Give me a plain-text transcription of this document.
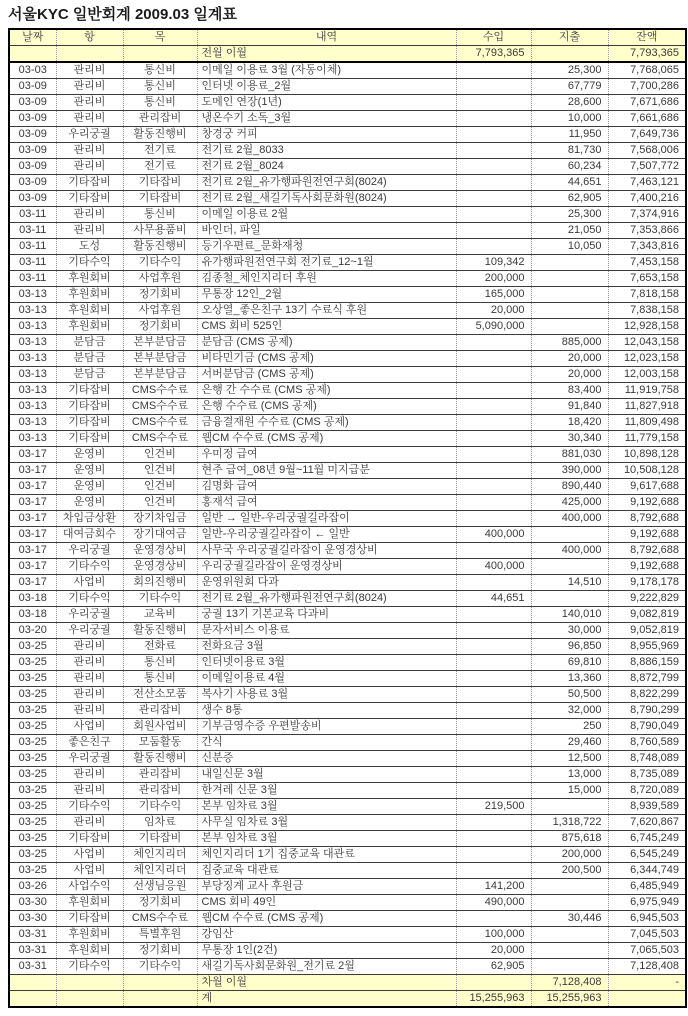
서울KYC 일반회계 2009.03 일계표
날짜	항	목	내역	수입	지출	잔액
			전월 이월	7,793,365		7,793,365
03-03	관리비	통신비	이메일 이용료 3월 (자동이체)		25,300	7,768,065
03-09	관리비	통신비	인터넷 이용료_2월		67,779	7,700,286
03-09	관리비	통신비	도메인 연장(1년)		28,600	7,671,686
03-09	관리비	관리잡비	냉온수기 소독_3월		10,000	7,661,686
03-09	우리궁궐	활동진행비	창경궁 커피		11,950	7,649,736
03-09	관리비	전기료	전기료 2월_8033		81,730	7,568,006
03-09	관리비	전기료	전기료 2월_8024		60,234	7,507,772
03-09	기타잡비	기타잡비	전기료 2월_유가행파원전연구회(8024)		44,651	7,463,121
03-09	기타잡비	기타잡비	전기료 2월_새길기독사회문화원(8024)		62,905	7,400,216
03-11	관리비	통신비	이메일 이용료 2월		25,300	7,374,916
03-11	관리비	사무용품비	바인더, 파일		21,050	7,353,866
03-11	도성	활동진행비	등기우편료_문화재청		10,050	7,343,816
03-11	기타수익	기타수익	유가행파원전연구회 전기료_12~1월	109,342		7,453,158
03-11	후원회비	사업후원	김종철_체인지리더 후원	200,000		7,653,158
03-13	후원회비	정기회비	무통장 12인_2월	165,000		7,818,158
03-13	후원회비	사업후원	오상열_좋은친구 13기 수료식 후원	20,000		7,838,158
03-13	후원회비	정기회비	CMS 회비 525인	5,090,000		12,928,158
03-13	분담금	본부분담금	분담금 (CMS 공제)		885,000	12,043,158
03-13	분담금	본부분담금	비타민기금 (CMS 공제)		20,000	12,023,158
03-13	분담금	본부분담금	서버분담금 (CMS 공제)		20,000	12,003,158
03-13	기타잡비	CMS수수료	은행 간 수수료 (CMS 공제)		83,400	11,919,758
03-13	기타잡비	CMS수수료	은행 수수료 (CMS 공제)		91,840	11,827,918
03-13	기타잡비	CMS수수료	금융결재원 수수료 (CMS 공제)		18,420	11,809,498
03-13	기타잡비	CMS수수료	웹CM 수수료 (CMS 공제)		30,340	11,779,158
03-17	운영비	인건비	우미정 급여		881,030	10,898,128
03-17	운영비	인건비	현주 급여_08년 9월~11월 미지급분		390,000	10,508,128
03-17	운영비	인건비	김명화 급여		890,440	9,617,688
03-17	운영비	인건비	홍재석 급여		425,000	9,192,688
03-17	차입금상환	장기차입금	일반 → 일반-우리궁궐길라잡이		400,000	8,792,688
03-17	대여금회수	장기대여금	일반-우리궁궐길라잡이 ← 일반	400,000		9,192,688
03-17	우리궁궐	운영경상비	사무국 우리궁궐길라잡이 운영경상비		400,000	8,792,688
03-17	기타수익	운영경상비	우리궁궐길라잡이 운영경상비	400,000		9,192,688
03-17	사업비	회의진행비	운영위원회 다과		14,510	9,178,178
03-18	기타수익	기타수익	전기료 2월_유가행파원전연구회(8024)	44,651		9,222,829
03-18	우리궁궐	교육비	궁궐 13기 기본교육 다과비		140,010	9,082,819
03-20	우리궁궐	활동진행비	문자서비스 이용료		30,000	9,052,819
03-25	관리비	전화료	전화요금 3월		96,850	8,955,969
03-25	관리비	통신비	인터넷이용료 3월		69,810	8,886,159
03-25	관리비	통신비	이메일이용료 4월		13,360	8,872,799
03-25	관리비	전산소모품	복사기 사용료 3월		50,500	8,822,299
03-25	관리비	관리잡비	생수 8통		32,000	8,790,299
03-25	사업비	회원사업비	기부금영수증 우편발송비		250	8,790,049
03-25	좋은친구	모둠활동	간식		29,460	8,760,589
03-25	우리궁궐	활동진행비	신분증		12,500	8,748,089
03-25	관리비	관리잡비	내일신문 3월		13,000	8,735,089
03-25	관리비	관리잡비	한겨레 신문 3월		15,000	8,720,089
03-25	기타수익	기타수익	본부 임차료 3월	219,500		8,939,589
03-25	관리비	임차료	사무실 임차료 3월		1,318,722	7,620,867
03-25	기타잡비	기타잡비	본부 임차료 3월		875,618	6,745,249
03-25	사업비	체인지리더	체인지리더 1기 집중교육 대관료		200,000	6,545,249
03-25	사업비	체인지리더	집중교육 대관료		200,500	6,344,749
03-26	사업수익	선생님응원	부당징계 교사 후원금	141,200		6,485,949
03-30	후원회비	정기회비	CMS 회비 49인	490,000		6,975,949
03-30	기타잡비	CMS수수료	웹CM 수수료 (CMS 공제)		30,446	6,945,503
03-31	후원회비	특별후원	강임산	100,000		7,045,503
03-31	후원회비	정기회비	무통장 1인(2건)	20,000		7,065,503
03-31	기타수익	기타수익	새길기독사회문화원_전기료 2월	62,905		7,128,408
			차월 이월		7,128,408	-
			계	15,255,963	15,255,963	
